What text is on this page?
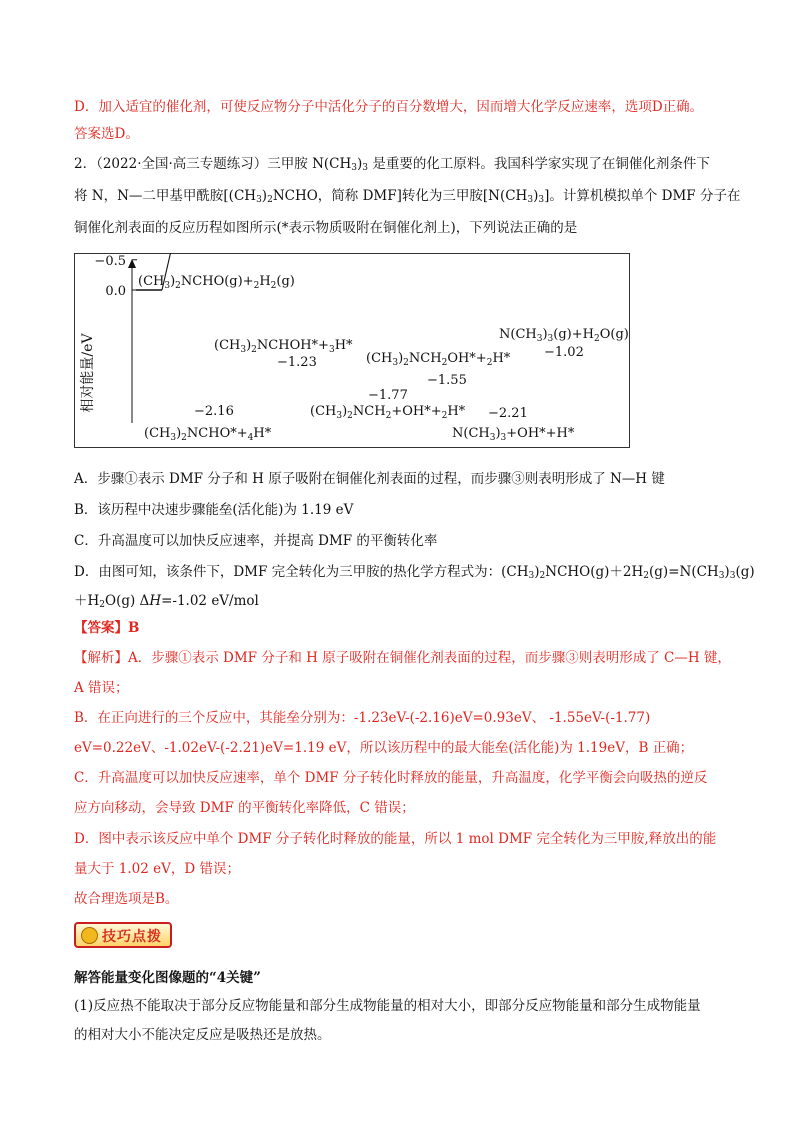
D．加入适宜的催化剂，可使反应物分子中活化分子的百分数增大，因而增大化学反应速率，选项D正确。
答案选D。
2．（2022·全国·高三专题练习）三甲胺 $N(CH_3)_3$ 是重要的化工原料。我国科学家实现了在铜催化剂条件下
将 N，N—二甲基甲酰胺[$(CH_3)_2NCHO$，简称 DMF]转化为三甲胺$[N(CH_3)_3]$。计算机模拟单个 DMF 分子在
铜催化剂表面的反应历程如图所示(*表示物质吸附在铜催化剂上)，下列说法正确的是
相对能量/eV
0.0
−0.5
−2.16
−1.23
−1.77
−1.55
−2.21
−1.02
$(CH_3)_2NCHO(g)+_2H_2(g)$
$(CH_3)_2NCHO*+_4H*$
$(CH_3)_2NCHOH*+_3H*$
$(CH_3)_2NCH_2OH*+_2H*$
$(CH_3)_2NCH_2+OH*+_2H*$
$N(CH_3)_3+OH*+H*$
$N(CH_3)_3(g)+H_2O(g)$
A．步骤①表示 DMF 分子和 H 原子吸附在铜催化剂表面的过程，而步骤③则表明形成了 N—H 键
B．该历程中决速步骤能垒(活化能)为 1.19 eV
C．升高温度可以加快反应速率，并提高 DMF 的平衡转化率
D．由图可知，该条件下，DMF 完全转化为三甲胺的热化学方程式为：$(CH_3)_2NCHO(g)+2H_2(g)=N(CH_3)_3(g)$
$+H_2O(g)$ ΔH=-1.02 eV/mol
【答案】B
【解析】A．步骤①表示 DMF 分子和 H 原子吸附在铜催化剂表面的过程，而步骤③则表明形成了 C—H 键，
A 错误；
B．在正向进行的三个反应中，其能垒分别为：-1.23eV-(-2.16)eV=0.93eV、 -1.55eV-(-1.77)
eV=0.22eV、-1.02eV-(-2.21)eV=1.19 eV，所以该历程中的最大能垒(活化能)为 1.19eV，B 正确；
C．升高温度可以加快反应速率，单个 DMF 分子转化时释放的能量，升高温度，化学平衡会向吸热的逆反
应方向移动，会导致 DMF 的平衡转化率降低，C 错误；
D．图中表示该反应中单个 DMF 分子转化时释放的能量，所以 1 mol DMF 完全转化为三甲胺,释放出的能
量大于 1.02 eV，D 错误；
故合理选项是B。
技巧点拨
解答能量变化图像题的“4关键”
(1)反应热不能取决于部分反应物能量和部分生成物能量的相对大小，即部分反应物能量和部分生成物能量
的相对大小不能决定反应是吸热还是放热。
